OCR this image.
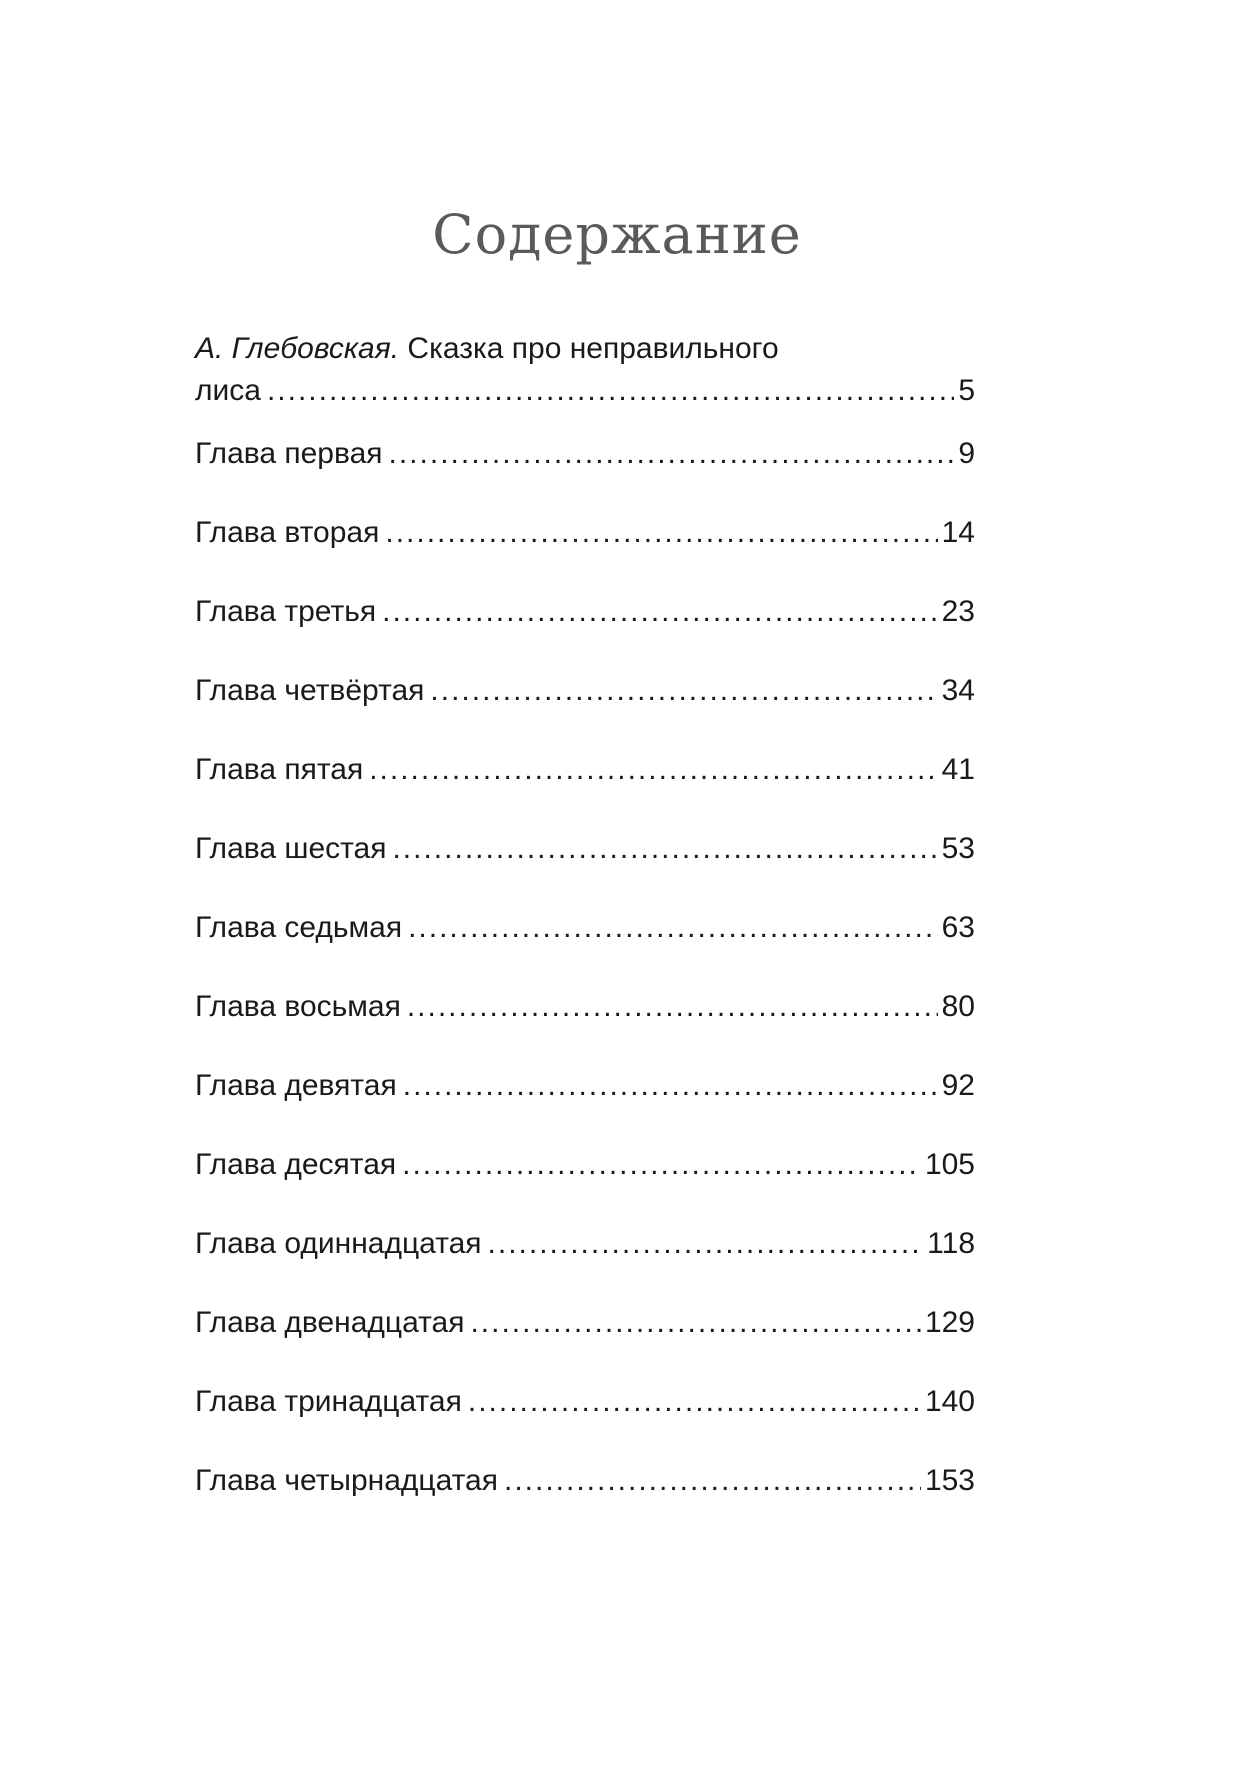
Содержание
А. Глебовская. Сказка про неправильного
лиса .....	5
Глава первая .....	9
Глава вторая .....	14
Глава третья .....	23
Глава четвёртая .....	34
Глава пятая .....	41
Глава шестая .....	53
Глава седьмая .....	63
Глава восьмая .....	80
Глава девятая .....	92
Глава десятая .....	105
Глава одиннадцатая .....	118
Глава двенадцатая .....	129
Глава тринадцатая .....	140
Глава четырнадцатая .....	153
